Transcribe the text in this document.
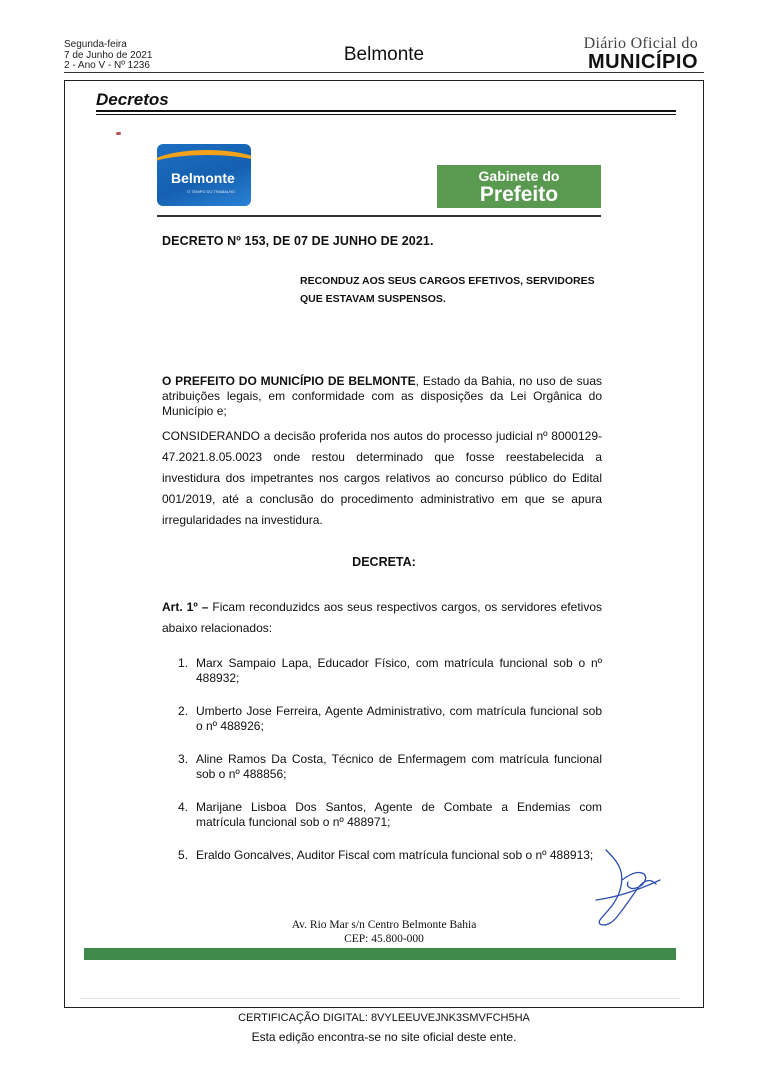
Segunda-feira
7 de Junho de 2021
2 - Ano V - Nº 1236
Belmonte
Diário Oficial do
MUNICÍPIO
Decretos
Belmonte
O TEMPO DO TRABALHO
Gabinete do
Prefeito
DECRETO Nº 153, DE 07 DE JUNHO DE 2021.
RECONDUZ AOS SEUS CARGOS EFETIVOS, SERVIDORES
QUE ESTAVAM SUSPENSOS.
O PREFEITO DO MUNICÍPIO DE BELMONTE, Estado da Bahia, no uso de suas atribuições legais, em conformidade com as disposições da Lei Orgânica do Município e;
CONSIDERANDO a decisão proferida nos autos do processo judicial nº 8000129-47.2021.8.05.0023 onde restou determinado que fosse reestabelecida a investidura dos impetrantes nos cargos relativos ao concurso público do Edital 001/2019, até a conclusão do procedimento administrativo em que se apura irregularidades na investidura.
DECRETA:
Art. 1º – Ficam reconduzidcs aos seus respectivos cargos, os servidores efetivos abaixo relacionados:
1. Marx Sampaio Lapa, Educador Físico, com matrícula funcional sob o nº 488932;
2. Umberto Jose Ferreira, Agente Administrativo, com matrícula funcional sob o nº 488926;
3. Aline Ramos Da Costa, Técnico de Enfermagem com matrícula funcional sob o nº 488856;
4. Marijane Lisboa Dos Santos, Agente de Combate a Endemias com matrícula funcional sob o nº 488971;
5. Eraldo Goncalves, Auditor Fiscal com matrícula funcional sob o nº 488913;
Av. Rio Mar s/n Centro Belmonte Bahia
CEP: 45.800-000
CERTIFICAÇÃO DIGITAL: 8VYLEEUVEJNK3SMVFCH5HA
Esta edição encontra-se no site oficial deste ente.
